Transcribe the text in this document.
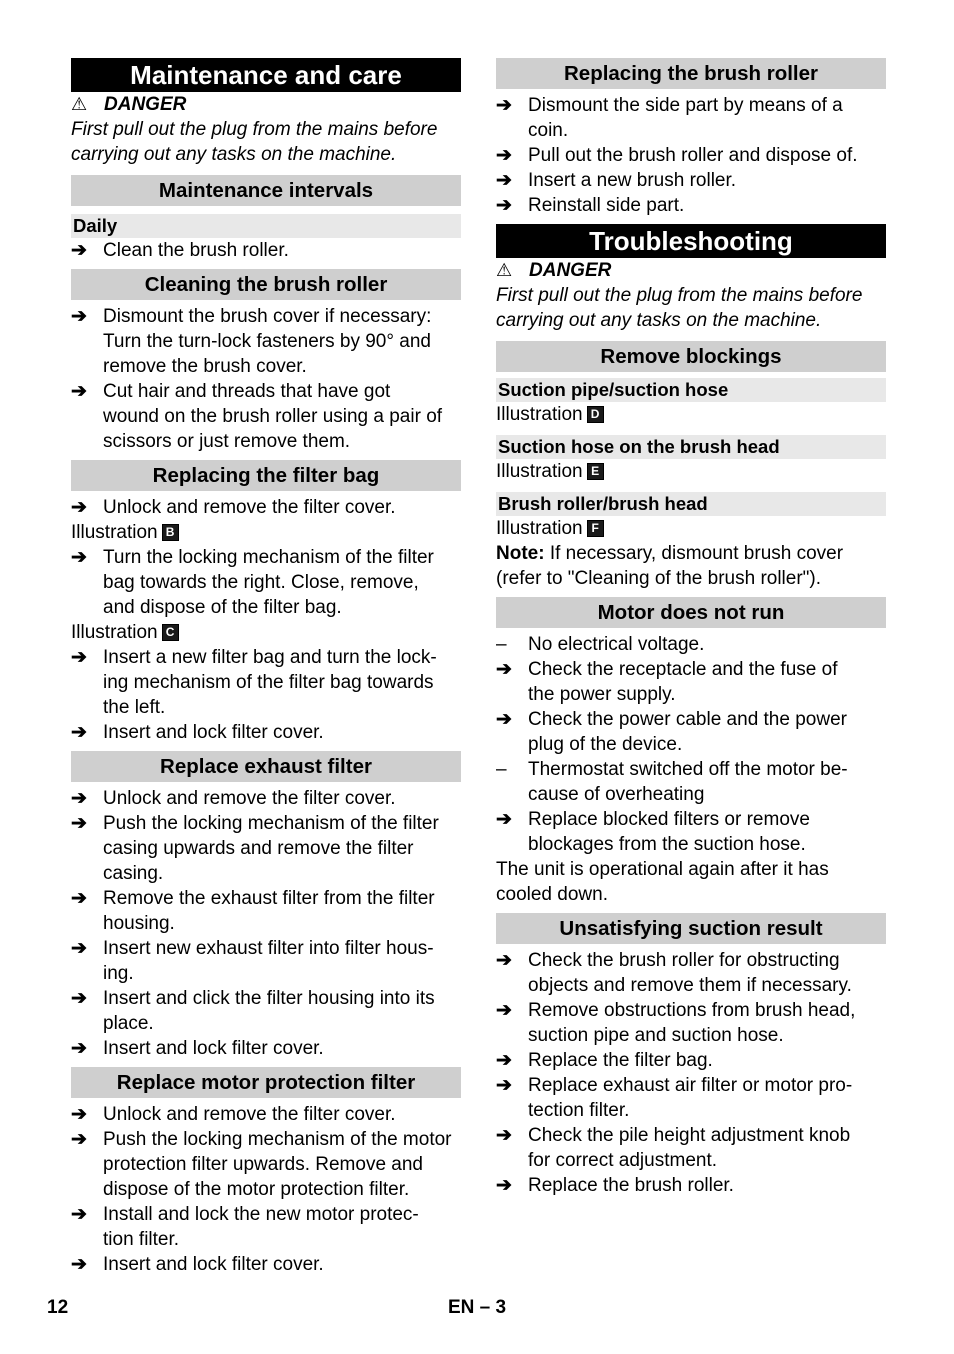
Maintenance and care
⚠ DANGER
First pull out the plug from the mains before
carrying out any tasks on the machine.
Maintenance intervals
Daily
➔ Clean the brush roller.
Cleaning the brush roller
➔ Dismount the brush cover if necessary:
Turn the turn-lock fasteners by 90° and
remove the brush cover.
➔ Cut hair and threads that have got
wound on the brush roller using a pair of
scissors or just remove them.
Replacing the filter bag
➔ Unlock and remove the filter cover.
Illustration B
➔ Turn the locking mechanism of the filter
bag towards the right. Close, remove,
and dispose of the filter bag.
Illustration C
➔ Insert a new filter bag and turn the lock-
ing mechanism of the filter bag towards
the left.
➔ Insert and lock filter cover.
Replace exhaust filter
➔ Unlock and remove the filter cover.
➔ Push the locking mechanism of the filter
casing upwards and remove the filter
casing.
➔ Remove the exhaust filter from the filter
housing.
➔ Insert new exhaust filter into filter hous-
ing.
➔ Insert and click the filter housing into its
place.
➔ Insert and lock filter cover.
Replace motor protection filter
➔ Unlock and remove the filter cover.
➔ Push the locking mechanism of the motor
protection filter upwards. Remove and
dispose of the motor protection filter.
➔ Install and lock the new motor protec-
tion filter.
➔ Insert and lock filter cover.
Replacing the brush roller
➔ Dismount the side part by means of a
coin.
➔ Pull out the brush roller and dispose of.
➔ Insert a new brush roller.
➔ Reinstall side part.
Troubleshooting
⚠ DANGER
First pull out the plug from the mains before
carrying out any tasks on the machine.
Remove blockings
Suction pipe/suction hose
Illustration D
Suction hose on the brush head
Illustration E
Brush roller/brush head
Illustration F
Note: If necessary, dismount brush cover
(refer to "Cleaning of the brush roller").
Motor does not run
–	No electrical voltage.
➔ Check the receptacle and the fuse of
the power supply.
➔ Check the power cable and the power
plug of the device.
–	Thermostat switched off the motor be-
cause of overheating
➔ Replace blocked filters or remove
blockages from the suction hose.
The unit is operational again after it has
cooled down.
Unsatisfying suction result
➔ Check the brush roller for obstructing
objects and remove them if necessary.
➔ Remove obstructions from brush head,
suction pipe and suction hose.
➔ Replace the filter bag.
➔ Replace exhaust air filter or motor pro-
tection filter.
➔ Check the pile height adjustment knob
for correct adjustment.
➔ Replace the brush roller.
12	EN – 3
